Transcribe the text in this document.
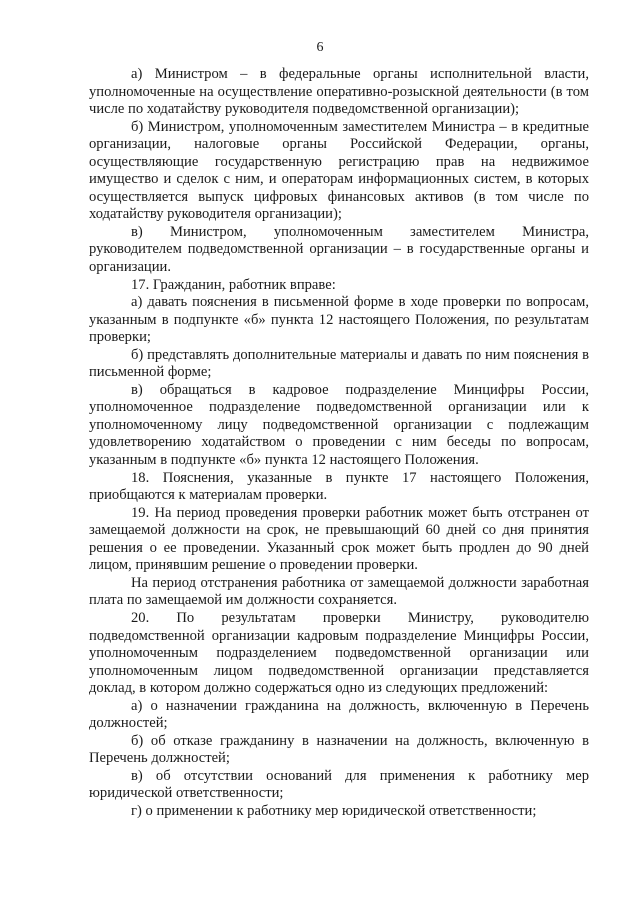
6

а) Министром – в федеральные органы исполнительной власти, уполномоченные на осуществление оперативно-розыскной деятельности (в том числе по ходатайству руководителя подведомственной организации);

б) Министром, уполномоченным заместителем Министра – в кредитные организации, налоговые органы Российской Федерации, органы, осуществляющие государственную регистрацию прав на недвижимое имущество и сделок с ним, и операторам информационных систем, в которых осуществляется выпуск цифровых финансовых активов (в том числе по ходатайству руководителя организации);

в) Министром, уполномоченным заместителем Министра, руководителем подведомственной организации – в государственные органы и организации.

17. Гражданин, работник вправе:

а) давать пояснения в письменной форме в ходе проверки по вопросам, указанным в подпункте «б» пункта 12 настоящего Положения, по результатам проверки;

б) представлять дополнительные материалы и давать по ним пояснения в письменной форме;

в) обращаться в кадровое подразделение Минцифры России, уполномоченное подразделение подведомственной организации или к уполномоченному лицу подведомственной организации с подлежащим удовлетворению ходатайством о проведении с ним беседы по вопросам, указанным в подпункте «б» пункта 12 настоящего Положения.

18. Пояснения, указанные в пункте 17 настоящего Положения, приобщаются к материалам проверки.

19. На период проведения проверки работник может быть отстранен от замещаемой должности на срок, не превышающий 60 дней со дня принятия решения о ее проведении. Указанный срок может быть продлен до 90 дней лицом, принявшим решение о проведении проверки.

На период отстранения работника от замещаемой должности заработная плата по замещаемой им должности сохраняется.

20. По результатам проверки Министру, руководителю подведомственной организации кадровым подразделение Минцифры России, уполномоченным подразделением подведомственной организации или уполномоченным лицом подведомственной организации представляется доклад, в котором должно содержаться одно из следующих предложений:

а) о назначении гражданина на должность, включенную в Перечень должностей;

б) об отказе гражданину в назначении на должность, включенную в Перечень должностей;

в) об отсутствии оснований для применения к работнику мер юридической ответственности;

г) о применении к работнику мер юридической ответственности;
